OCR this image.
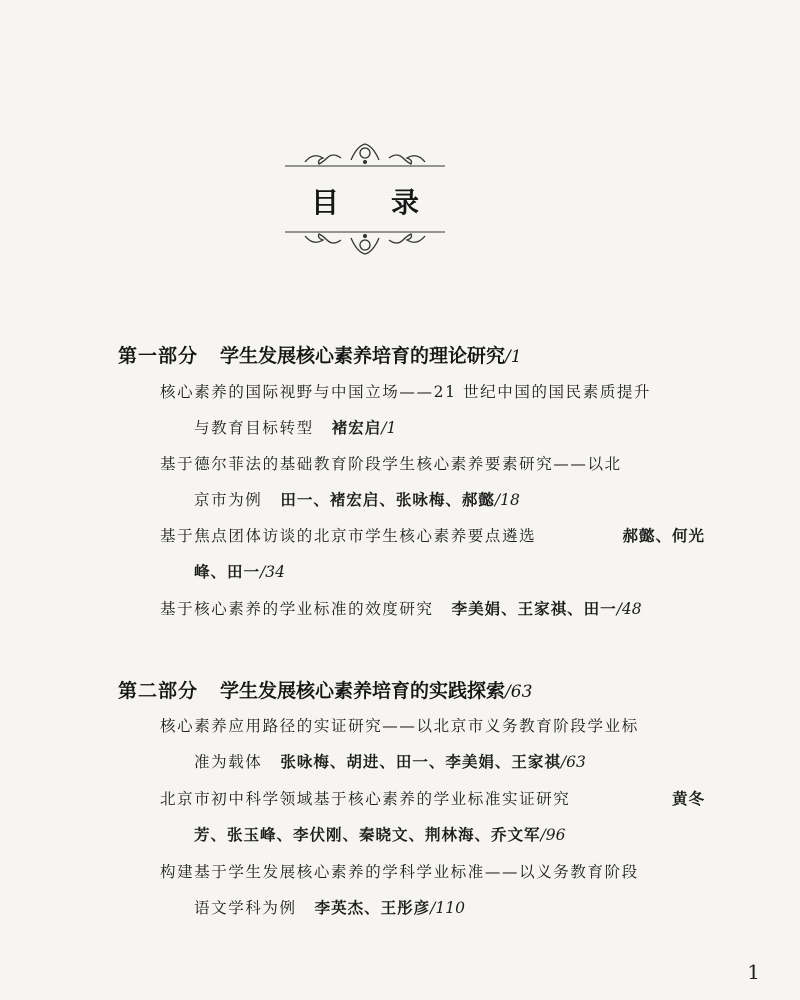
目 录
第一部分 学生发展核心素养培育的理论研究/1
核心素养的国际视野与中国立场——21 世纪中国的国民素质提升
与教育目标转型 褚宏启 /1
基于德尔菲法的基础教育阶段学生核心素养要素研究——以北
京市为例 田一、褚宏启、张咏梅、郝懿 /18
基于焦点团体访谈的北京市学生核心素养要点遴选	郝懿、何光
峰、田一 /34
基于核心素养的学业标准的效度研究 李美娟、王家祺、田一 /48
第二部分 学生发展核心素养培育的实践探索/63
核心素养应用路径的实证研究——以北京市义务教育阶段学业标
准为载体 张咏梅、胡进、田一、李美娟、王家祺 /63
北京市初中科学领域基于核心素养的学业标准实证研究	黄冬
芳、张玉峰、李伏刚、秦晓文、荆林海、乔文军 /96
构建基于学生发展核心素养的学科学业标准——以义务教育阶段
语文学科为例 李英杰、王彤彦 /110
1
